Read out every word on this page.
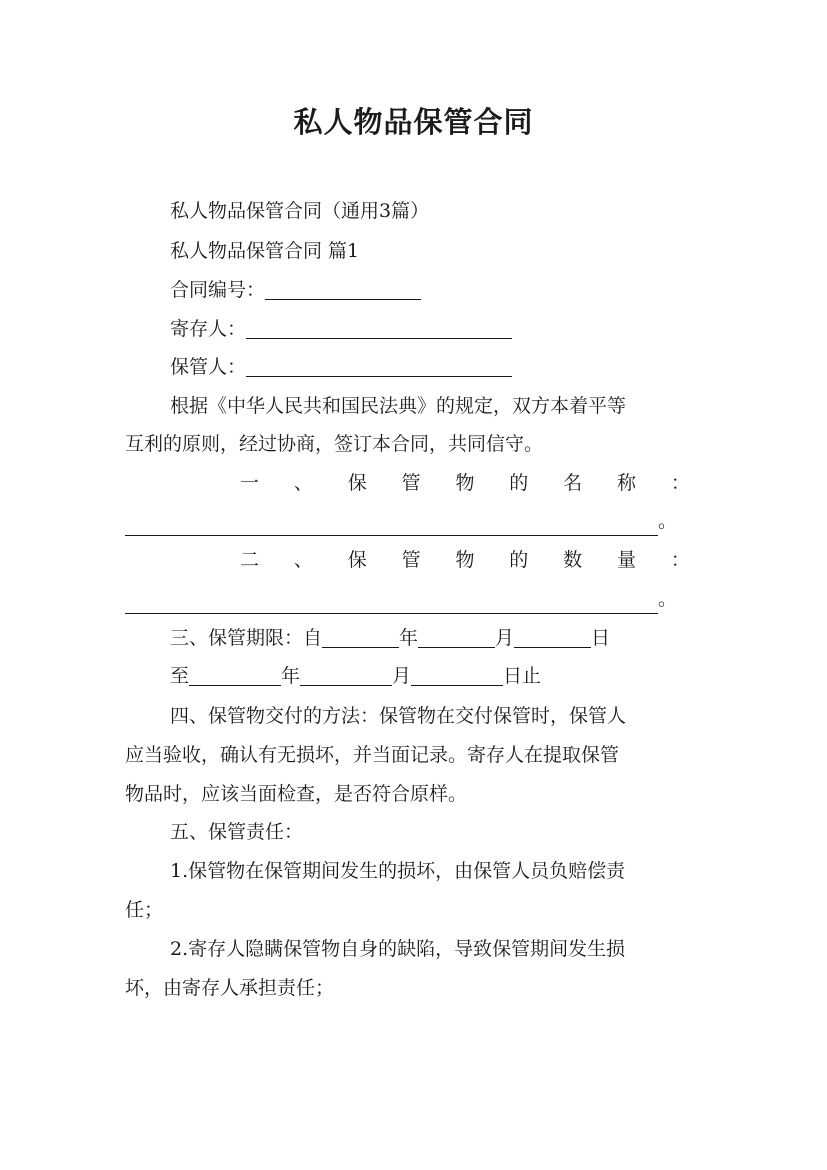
私人物品保管合同
私人物品保管合同（通用3篇）
私人物品保管合同 篇1
合同编号：
寄存人：
保管人：
根据《中华人民共和国民法典》的规定，双方本着平等
互利的原则，经过协商，签订本合同，共同信守。
一 、 保 管 物 的 名 称 ：
。
二 、 保 管 物 的 数 量 ：
。
三、保管期限：自	年	月	日
至	年	月	日止
四、保管物交付的方法：保管物在交付保管时，保管人
应当验收，确认有无损坏，并当面记录。寄存人在提取保管
物品时，应该当面检查，是否符合原样。
五、保管责任：
1.保管物在保管期间发生的损坏，由保管人员负赔偿责
任；
2.寄存人隐瞒保管物自身的缺陷，导致保管期间发生损
坏，由寄存人承担责任；
